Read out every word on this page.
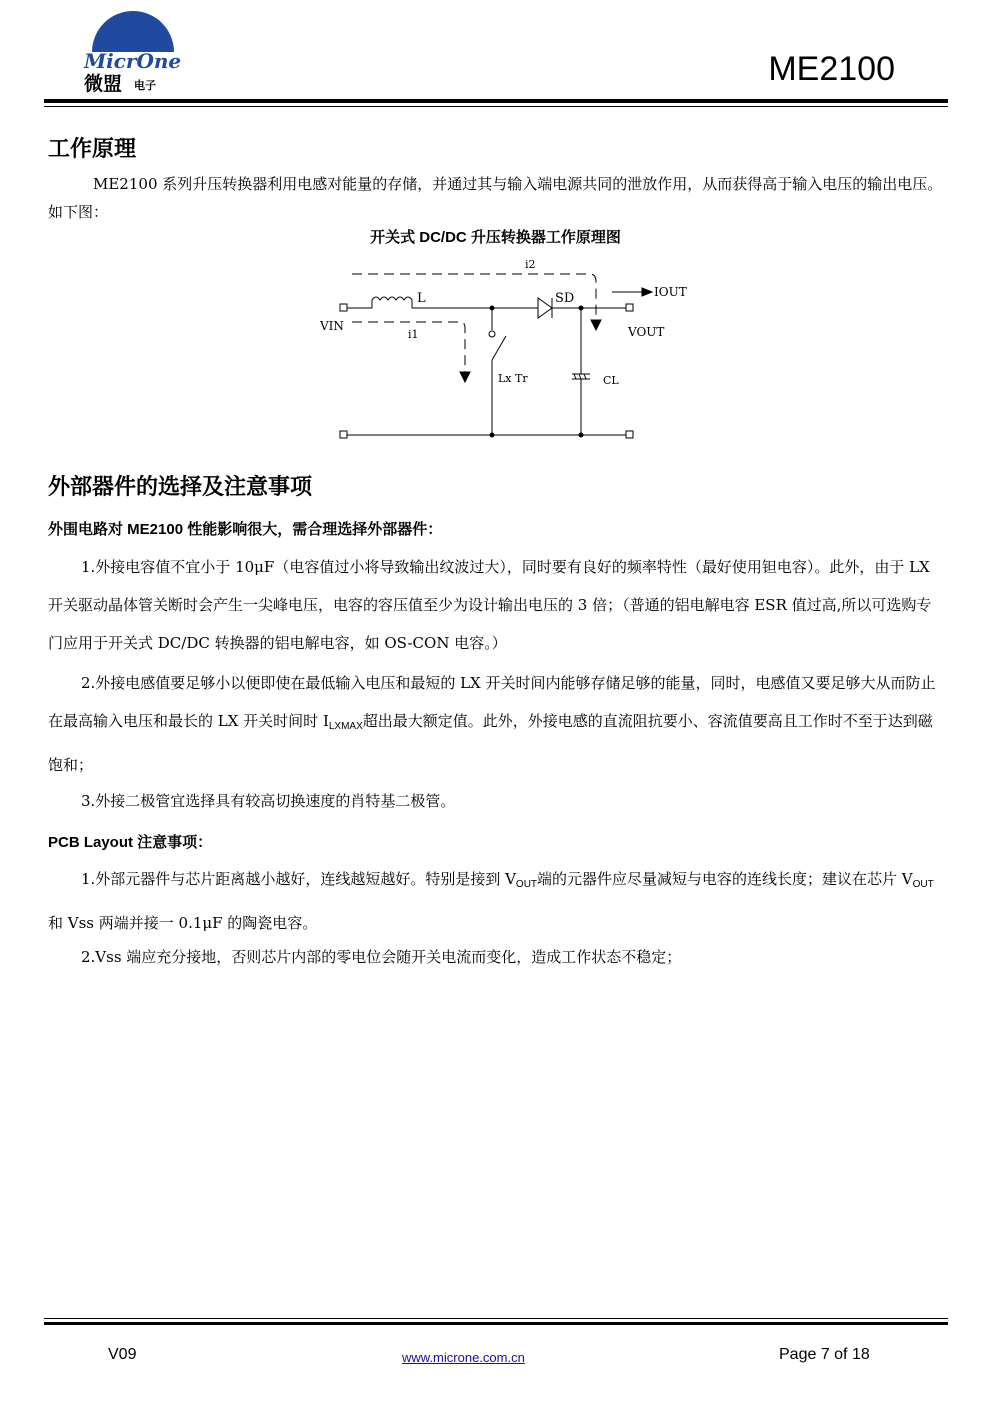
MicrOne
微盟 电子	ME2100
工作原理
ME2100 系列升压转换器利用电感对能量的存储，并通过其与输入端电源共同的泄放作用，从而获得高于输入电压的输出电压。如下图：
开关式 DC/DC 升压转换器工作原理图
i2
L	SD	IOUT
VIN	VOUT
i1
Lx Tr	CL
外部器件的选择及注意事项
外围电路对 ME2100 性能影响很大，需合理选择外部器件：
1.外接电容值不宜小于 10μF（电容值过小将导致输出纹波过大），同时要有良好的频率特性（最好使用钽电容）。此外，由于 LX 开关驱动晶体管关断时会产生一尖峰电压，电容的容压值至少为设计输出电压的 3 倍；（普通的铝电解电容 ESR 值过高,所以可选购专门应用于开关式 DC/DC 转换器的铝电解电容，如 OS-CON 电容。）
2.外接电感值要足够小以便即使在最低输入电压和最短的 LX 开关时间内能够存储足够的能量，同时，电感值又要足够大从而防止在最高输入电压和最长的 LX 开关时间时 $I_{LXMAX}$超出最大额定值。此外，外接电感的直流阻抗要小、容流值要高且工作时不至于达到磁饱和；
3.外接二极管宜选择具有较高切换速度的肖特基二极管。
PCB Layout 注意事项：
1.外部元器件与芯片距离越小越好，连线越短越好。特别是接到 $V_{OUT}$端的元器件应尽量减短与电容的连线长度；建议在芯片 $V_{OUT}$和 Vss 两端并接一 0.1μF 的陶瓷电容。
2.Vss 端应充分接地，否则芯片内部的零电位会随开关电流而变化，造成工作状态不稳定；
V09	www.microne.com.cn	Page 7 of 18
